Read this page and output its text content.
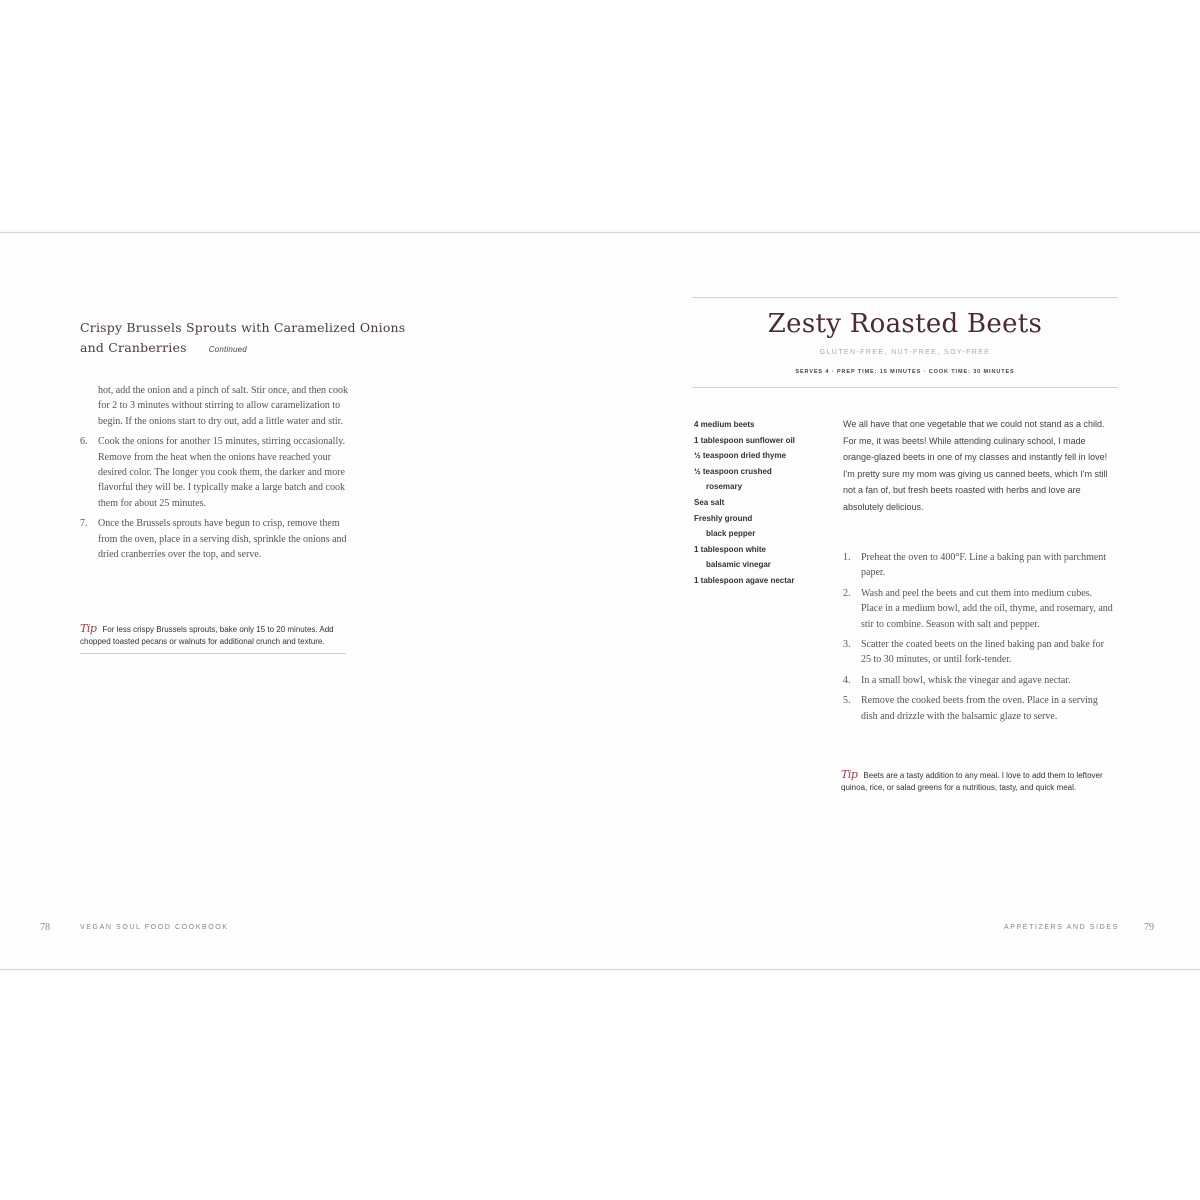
Crispy Brussels Sprouts with Caramelized Onions and Cranberries	Continued

hot, add the onion and a pinch of salt. Stir once, and then cook for 2 to 3 minutes without stirring to allow caramelization to begin. If the onions start to dry out, add a little water and stir.

6.	Cook the onions for another 15 minutes, stirring occasionally. Remove from the heat when the onions have reached your desired color. The longer you cook them, the darker and more flavorful they will be. I typically make a large batch and cook them for about 25 minutes.
7.	Once the Brussels sprouts have begun to crisp, remove them from the oven, place in a serving dish, sprinkle the onions and dried cranberries over the top, and serve.
Tip For less crispy Brussels sprouts, bake only 15 to 20 minutes. Add chopped toasted pecans or walnuts for additional crunch and texture.
78	VEGAN SOUL FOOD COOKBOOK
Zesty Roasted Beets
GLUTEN-FREE, NUT-FREE, SOY-FREE
SERVES 4 · PREP TIME: 15 MINUTES · COOK TIME: 30 MINUTES
4 medium beets
1 tablespoon sunflower oil
½ teaspoon dried thyme
½ teaspoon crushed
rosemary
Sea salt
Freshly ground
black pepper
1 tablespoon white
balsamic vinegar
1 tablespoon agave nectar

We all have that one vegetable that we could not stand as a child. For me, it was beets! While attending culinary school, I made orange-glazed beets in one of my classes and instantly fell in love! I'm pretty sure my mom was giving us canned beets, which I'm still not a fan of, but fresh beets roasted with herbs and love are absolutely delicious.

1.	Preheat the oven to 400°F. Line a baking pan with parchment paper.
2.	Wash and peel the beets and cut them into medium cubes. Place in a medium bowl, add the oil, thyme, and rosemary, and stir to combine. Season with salt and pepper.
3.	Scatter the coated beets on the lined baking pan and bake for 25 to 30 minutes, or until fork-tender.
4.	In a small bowl, whisk the vinegar and agave nectar.
5.	Remove the cooked beets from the oven. Place in a serving dish and drizzle with the balsamic glaze to serve.
Tip Beets are a tasty addition to any meal. I love to add them to leftover quinoa, rice, or salad greens for a nutritious, tasty, and quick meal.
APPETIZERS AND SIDES	79
